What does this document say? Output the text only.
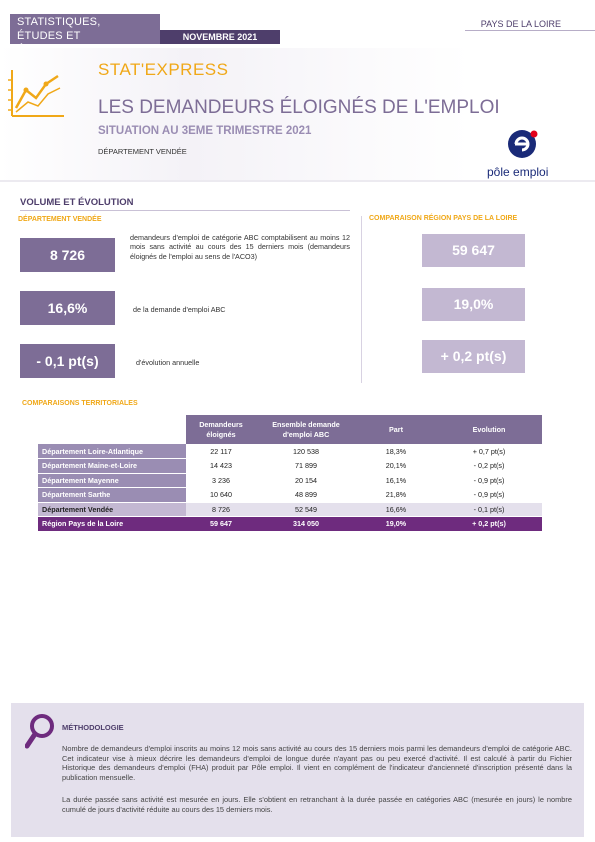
STATISTIQUES,
ÉTUDES ET	NOVEMBRE 2021
PAYS DE LA LOIRE
STAT'EXPRESS
LES DEMANDEURS ÉLOIGNÉS DE L'EMPLOI
SITUATION AU 3EME TRIMESTRE 2021
DÉPARTEMENT VENDÉE
pôle emploi
VOLUME ET ÉVOLUTION
DÉPARTEMENT VENDÉE	COMPARAISON RÉGION PAYS DE LA LOIRE
8 726
demandeurs d'emploi de catégorie ABC comptabilisent au moins 12 mois sans activité au cours des 15 derniers mois (demandeurs éloignés de l'emploi au sens de l'ACO3)	59 647
16,6%	de la demande d'emploi ABC	19,0%
- 0,1 pt(s)	d'évolution annuelle	+ 0,2 pt(s)
COMPARAISONS TERRITORIALES
	Demandeurs éloignés	Ensemble demande d'emploi ABC	Part	Evolution
Département Loire-Atlantique	22 117	120 538	18,3%	+ 0,7 pt(s)
Département Maine-et-Loire	14 423	71 899	20,1%	- 0,2 pt(s)
Département Mayenne	3 236	20 154	16,1%	- 0,9 pt(s)
Département Sarthe	10 640	48 899	21,8%	- 0,9 pt(s)
Département Vendée	8 726	52 549	16,6%	- 0,1 pt(s)
Région Pays de la Loire	59 647	314 050	19,0%	+ 0,2 pt(s)
MÉTHODOLOGIE
Nombre de demandeurs d'emploi inscrits au moins 12 mois sans activité au cours des 15 derniers mois parmi les demandeurs d'emploi de catégorie ABC. Cet indicateur vise à mieux décrire les demandeurs d'emploi de longue durée n'ayant pas ou peu exercé d'activité. Il est calculé à partir du Fichier Historique des demandeurs d'emploi (FHA) produit par Pôle emploi. Il vient en complément de l'indicateur d'ancienneté d'inscription présenté dans la publication mensuelle.
La durée passée sans activité est mesurée en jours. Elle s'obtient en retranchant à la durée passée en catégories ABC (mesurée en jours) le nombre cumulé de jours d'activité réduite au cours des 15 derniers mois.
